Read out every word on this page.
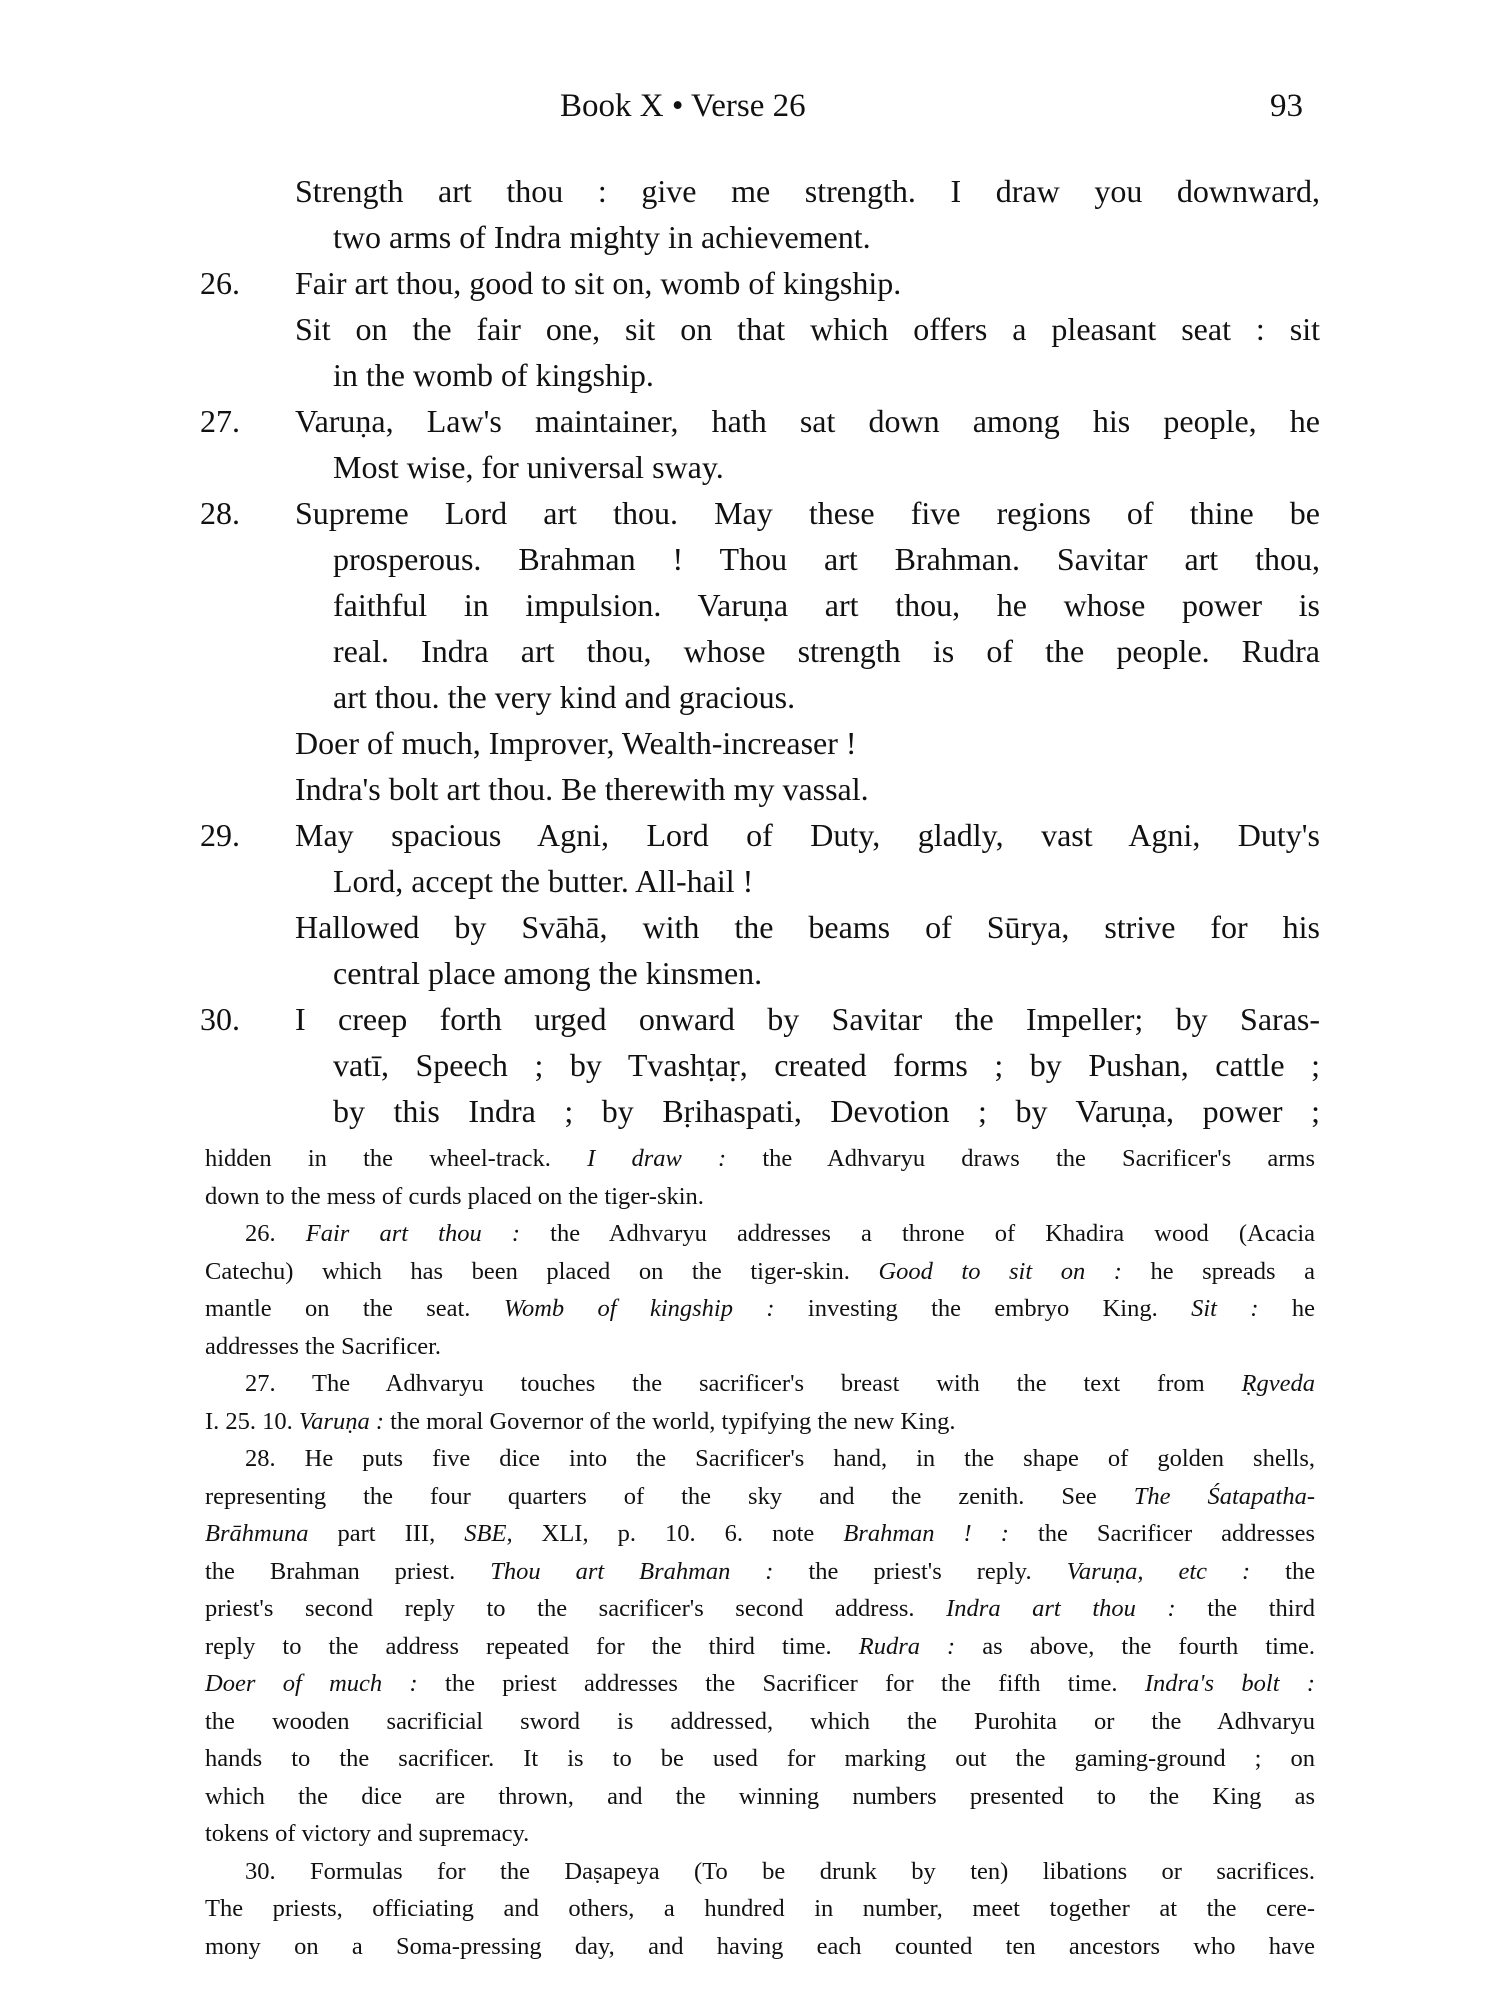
Book X • Verse 26	93
Strength art thou : give me strength. I draw you downward,
two arms of Indra mighty in achievement.
26.	Fair art thou, good to sit on, womb of kingship.
Sit on the fair one, sit on that which offers a pleasant seat : sit
in the womb of kingship.
27.	Varuṇa, Law's maintainer, hath sat down among his people, he
Most wise, for universal sway.
28.	Supreme Lord art thou. May these five regions of thine be
prosperous. Brahman ! Thou art Brahman. Savitar art thou,
faithful in impulsion. Varuṇa art thou, he whose power is
real. Indra art thou, whose strength is of the people. Rudra
art thou. the very kind and gracious.
Doer of much, Improver, Wealth-increaser !
Indra's bolt art thou. Be therewith my vassal.
29.	May spacious Agni, Lord of Duty, gladly, vast Agni, Duty's
Lord, accept the butter. All-hail !
Hallowed by Svāhā, with the beams of Sūrya, strive for his
central place among the kinsmen.
30.	I creep forth urged onward by Savitar the Impeller; by Saras-
vatī, Speech ; by Tvashṭaṛ, created forms ; by Pushan, cattle ;
by this Indra ; by Bṛihaspati, Devotion ; by Varuṇa, power ;
hidden in the wheel-track. I draw : the Adhvaryu draws the Sacrificer's arms
down to the mess of curds placed on the tiger-skin.
26. Fair art thou : the Adhvaryu addresses a throne of Khadira wood (Acacia
Catechu) which has been placed on the tiger-skin. Good to sit on : he spreads a
mantle on the seat. Womb of kingship : investing the embryo King. Sit : he
addresses the Sacrificer.
27. The Adhvaryu touches the sacrificer's breast with the text from Ṛgveda
I. 25. 10. Varuṇa : the moral Governor of the world, typifying the new King.
28. He puts five dice into the Sacrificer's hand, in the shape of golden shells,
representing the four quarters of the sky and the zenith. See The Śatapatha-
Brāhmuna part III, SBE, XLI, p. 10. 6. note Brahman ! : the Sacrificer addresses
the Brahman priest. Thou art Brahman : the priest's reply. Varuṇa, etc : the
priest's second reply to the sacrificer's second address. Indra art thou : the third
reply to the address repeated for the third time. Rudra : as above, the fourth time.
Doer of much : the priest addresses the Sacrificer for the fifth time. Indra's bolt :
the wooden sacrificial sword is addressed, which the Purohita or the Adhvaryu
hands to the sacrificer. It is to be used for marking out the gaming-ground ; on
which the dice are thrown, and the winning numbers presented to the King as
tokens of victory and supremacy.
30. Formulas for the Daṣapeya (To be drunk by ten) libations or sacrifices.
The priests, officiating and others, a hundred in number, meet together at the cere-
mony on a Soma-pressing day, and having each counted ten ancestors who have
